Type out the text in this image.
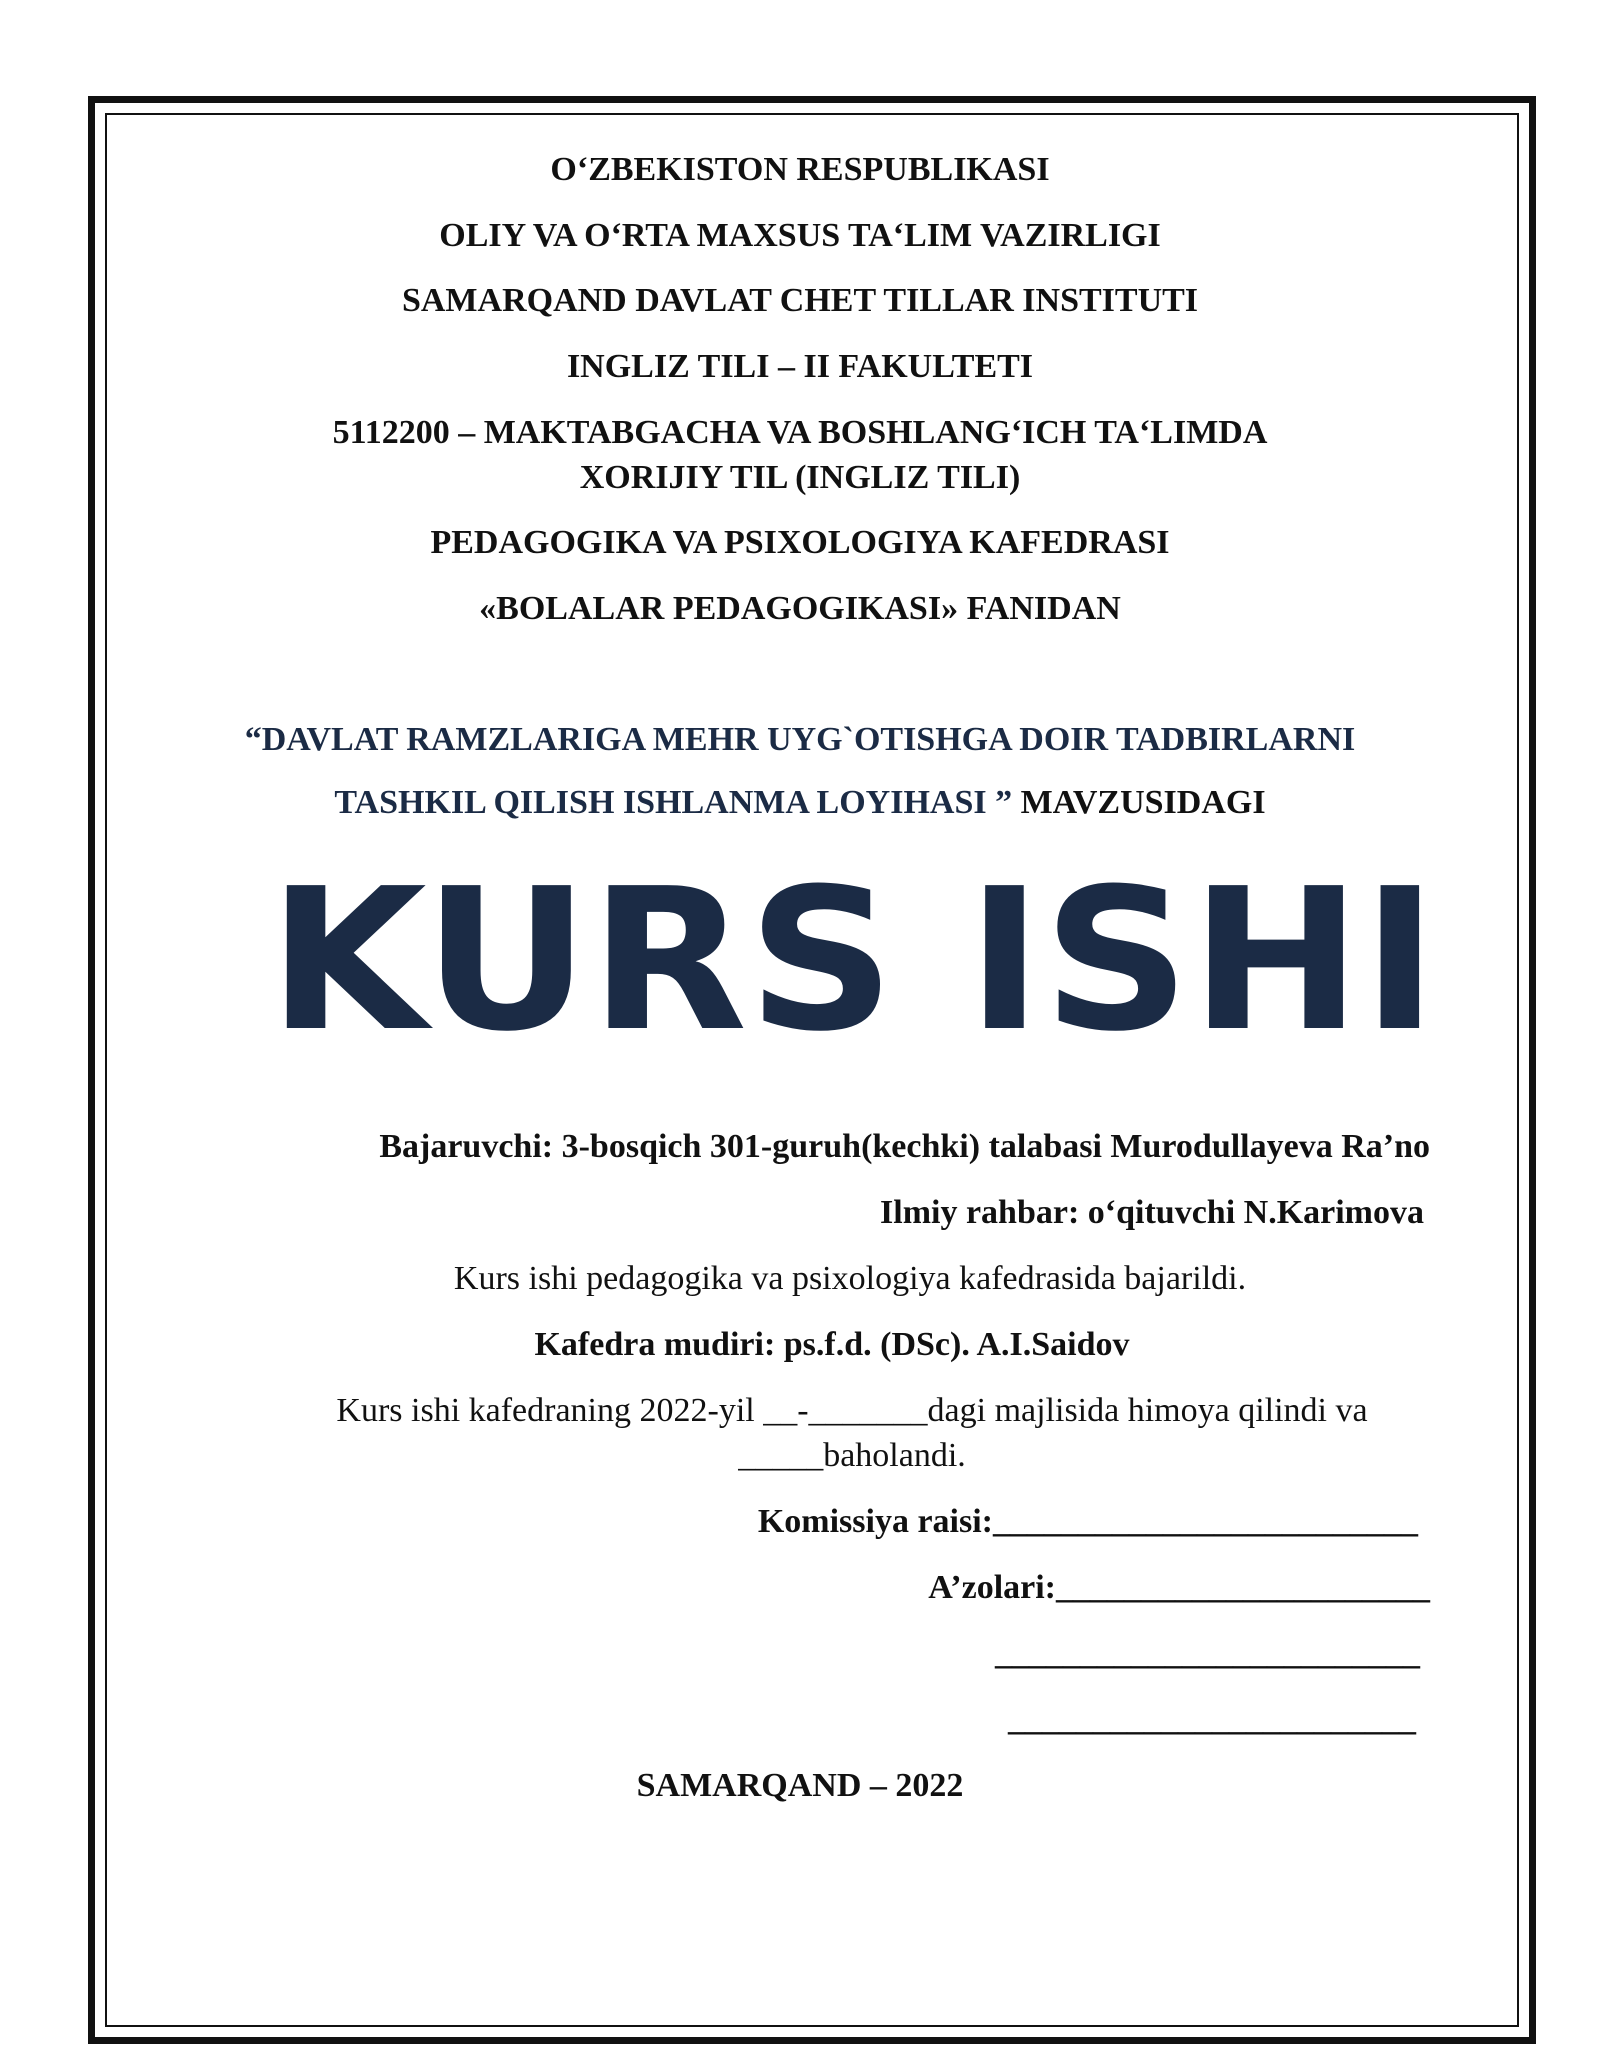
O‘ZBEKISTON RESPUBLIKASI
OLIY VA O‘RTA MAXSUS TA‘LIM VAZIRLIGI
SAMARQAND DAVLAT CHET TILLAR INSTITUTI
INGLIZ TILI – II FAKULTETI
5112200 – MAKTABGACHA VA BOSHLANG‘ICH TA‘LIMDA
XORIJIY TIL (INGLIZ TILI)
PEDAGOGIKA VA PSIXOLOGIYA KAFEDRASI
«BOLALAR PEDAGOGIKASI» FANIDAN
“DAVLAT RAMZLARIGA MEHR UYG`OTISHGA DOIR TADBIRLARNI
TASHKIL QILISH ISHLANMA LOYIHASI ” MAVZUSIDAGI
KURS ISHI
Bajaruvchi: 3-bosqich 301-guruh(kechki) talabasi Murodullayeva Ra’no
Ilmiy rahbar: o‘qituvchi N.Karimova
Kurs ishi pedagogika va psixologiya kafedrasida bajarildi.
Kafedra mudiri: ps.f.d. (DSc). A.I.Saidov
Kurs ishi kafedraning 2022-yil __-_______dagi majlisida himoya qilindi va
_____baholandi.
Komissiya raisi:_________________________
A’zolari:______________________
_________________________
________________________
SAMARQAND – 2022
